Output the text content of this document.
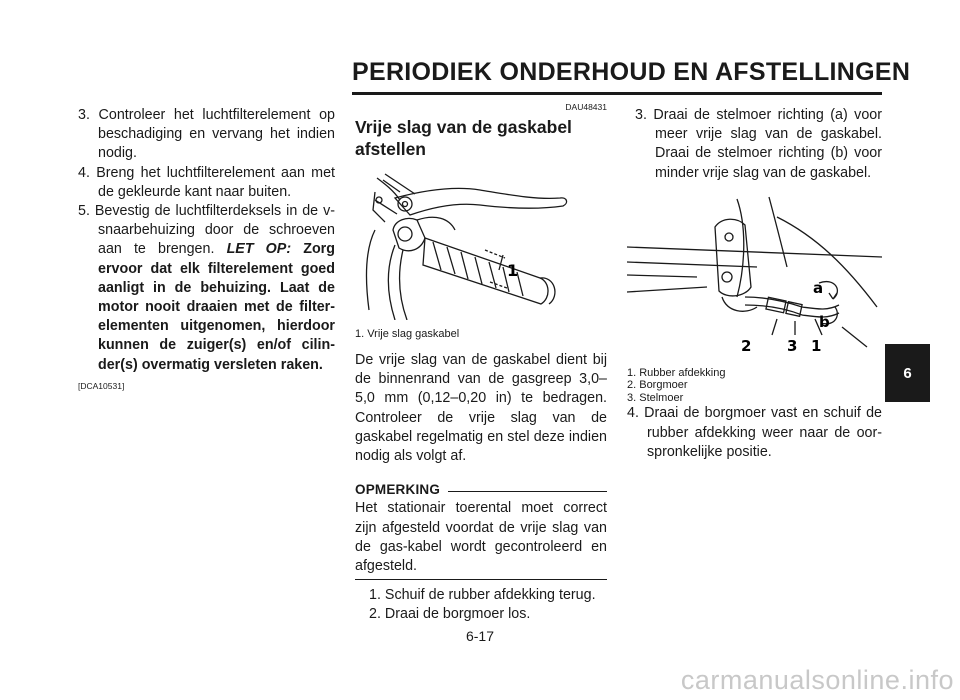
PERIODIEK ONDERHOUD EN AFSTELLINGEN
3. Controleer het luchtfilterelement op beschadiging en vervang het indien nodig.
4. Breng het luchtfilterelement aan met de gekleurde kant naar buiten.
5. Bevestig de luchtfilterdeksels in de v-snaarbehuizing door de schroeven aan te brengen. LET OP: Zorg ervoor dat elk filterelement goed aanligt in de behuizing. Laat de motor nooit draaien met de filter-elementen uitgenomen, hierdoor kunnen de zuiger(s) en/of cilin-der(s) overmatig versleten raken.
[DCA10531]
DAU48431
Vrije slag van de gaskabel afstellen
1
1. Vrije slag gaskabel
De vrije slag van de gaskabel dient bij de binnenrand van de gasgreep 3,0–5,0 mm (0,12–0,20 in) te bedragen. Controleer de vrije slag van de gaskabel regelmatig en stel deze indien nodig als volgt af.
OPMERKING
Het stationair toerental moet correct zijn afgesteld voordat de vrije slag van de gas-kabel wordt gecontroleerd en afgesteld.
1. Schuif de rubber afdekking terug.
2. Draai de borgmoer los.
3. Draai de stelmoer richting (a) voor meer vrije slag van de gaskabel. Draai de stelmoer richting (b) voor minder vrije slag van de gaskabel.
a
b
2 3 1
1. Rubber afdekking
2. Borgmoer
3. Stelmoer
4. Draai de borgmoer vast en schuif de rubber afdekking weer naar de oor-spronkelijke positie.
6
6-17
carmanualsonline.info
